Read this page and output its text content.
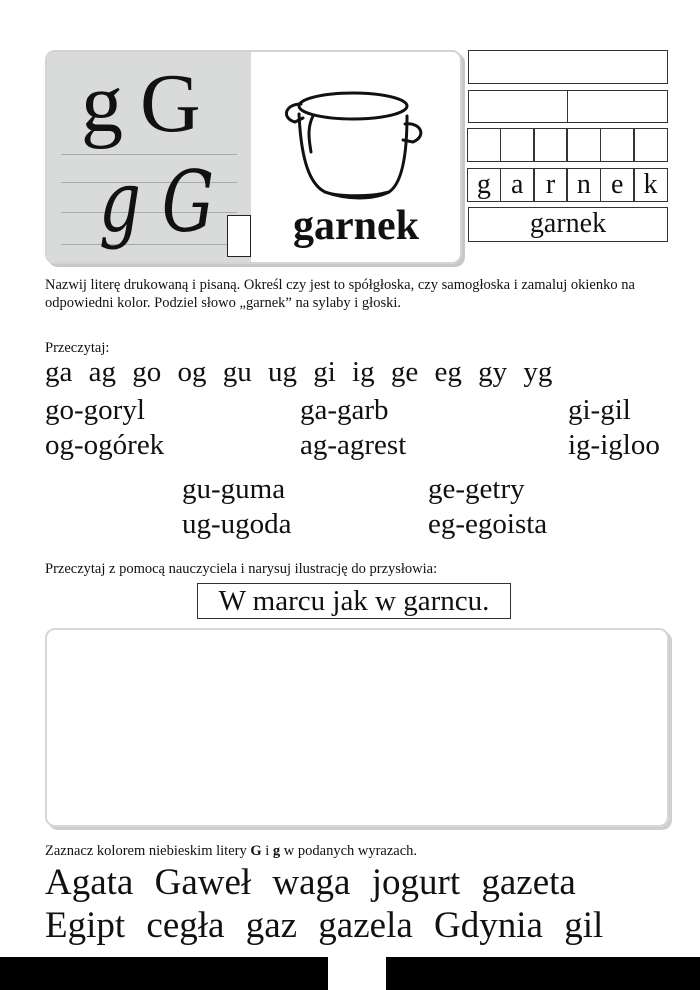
g G
g G garnek
g a r n e k
garnek
Nazwij literę drukowaną i pisaną. Określ czy jest to spółgłoska, czy samogłoska i zamaluj okienko na odpowiedni kolor. Podziel słowo „garnek” na sylaby i głoski.
Przeczytaj:
ga ag go og gu ug gi ig ge eg gy yg
go-goryl
og-ogórek
ga-garb
ag-agrest
gi-gil
ig-igloo
gu-guma
ug-ugoda
ge-getry
eg-egoista
Przeczytaj z pomocą nauczyciela i narysuj ilustrację do przysłowia:
W marcu jak w garncu.
Zaznacz kolorem niebieskim litery G i g w podanych wyrazach.
Agata Gaweł waga jogurt gazeta
Egipt cegła gaz gazela Gdynia gil
